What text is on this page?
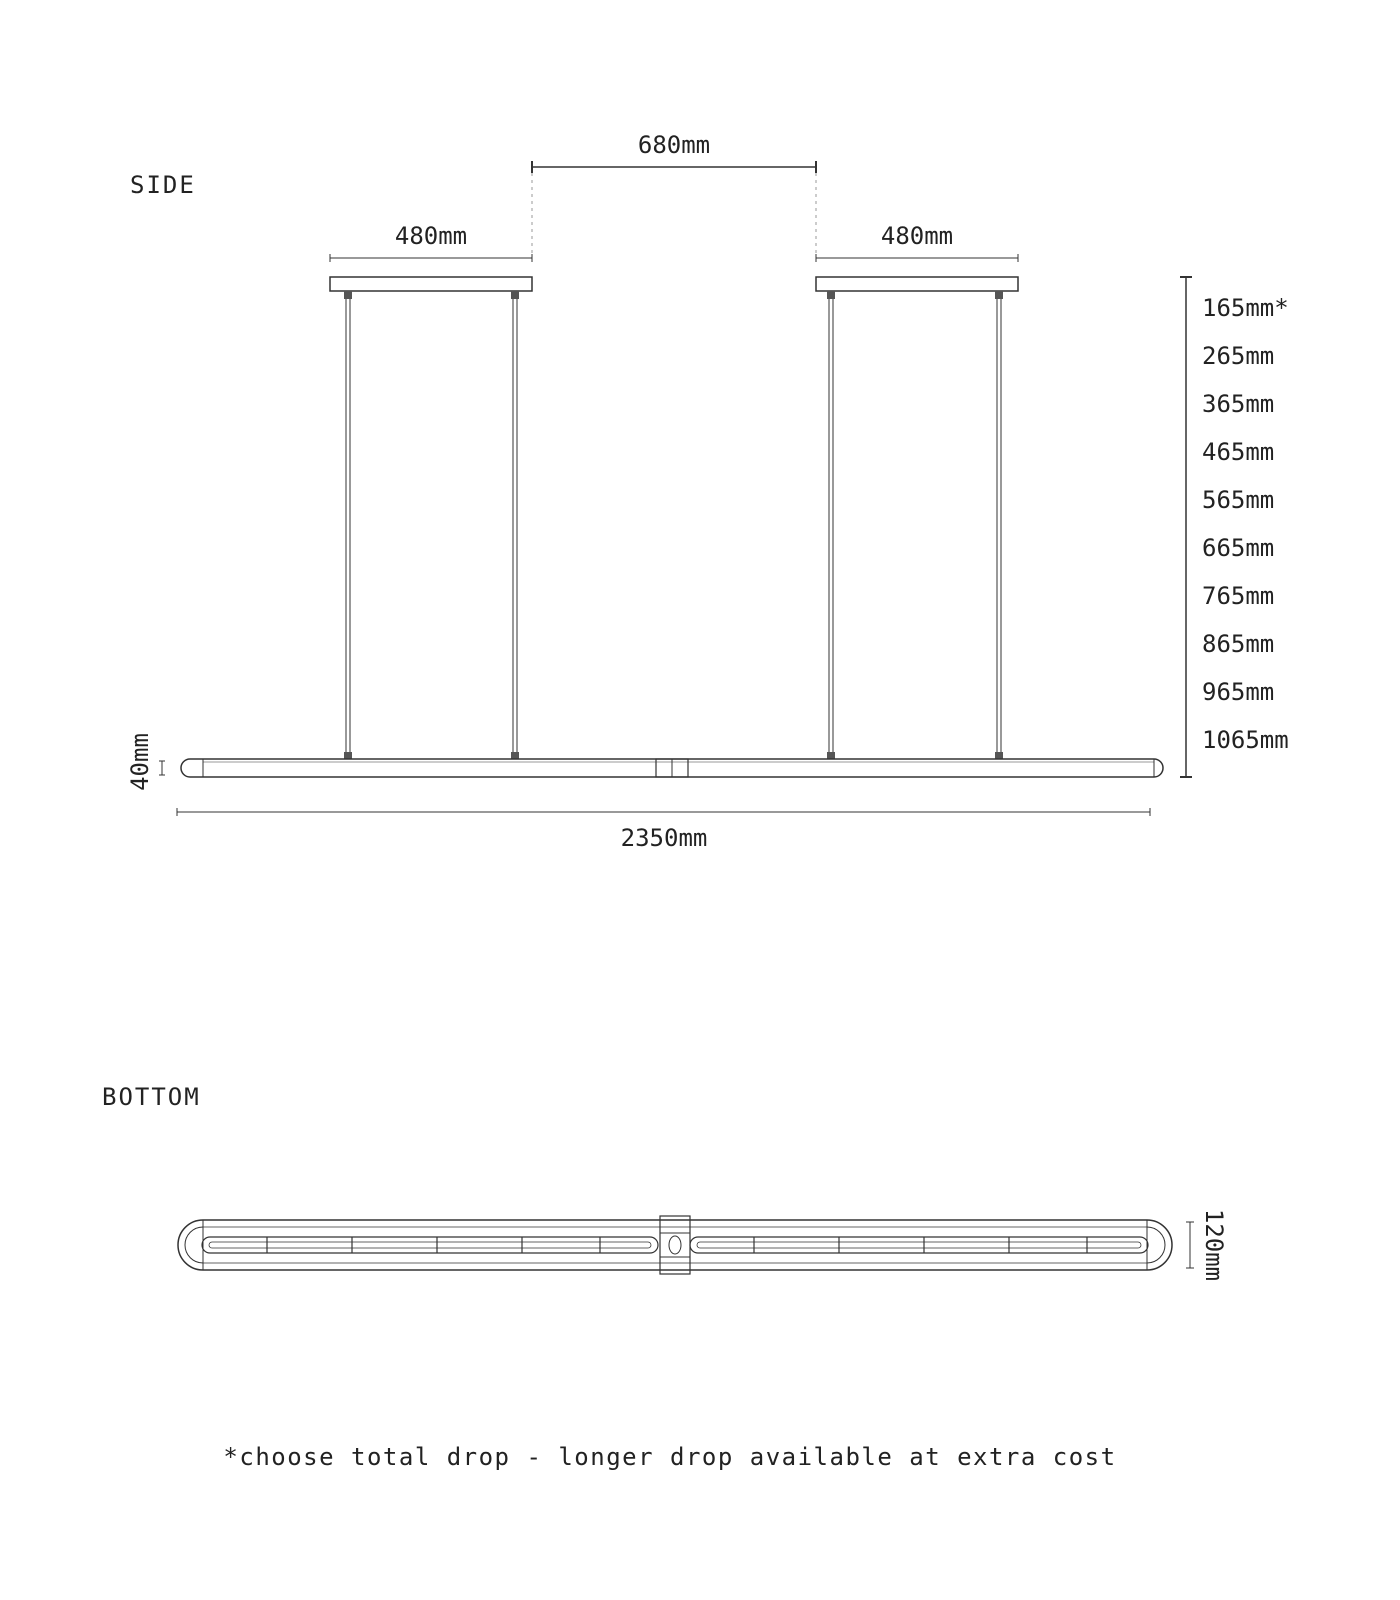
SIDE
680mm
480mm	480mm
40mm
2350mm
165mm*
265mm
365mm
465mm
565mm
665mm
765mm
865mm
965mm
1065mm
BOTTOM
120mm
*choose total drop - longer drop available at extra cost
